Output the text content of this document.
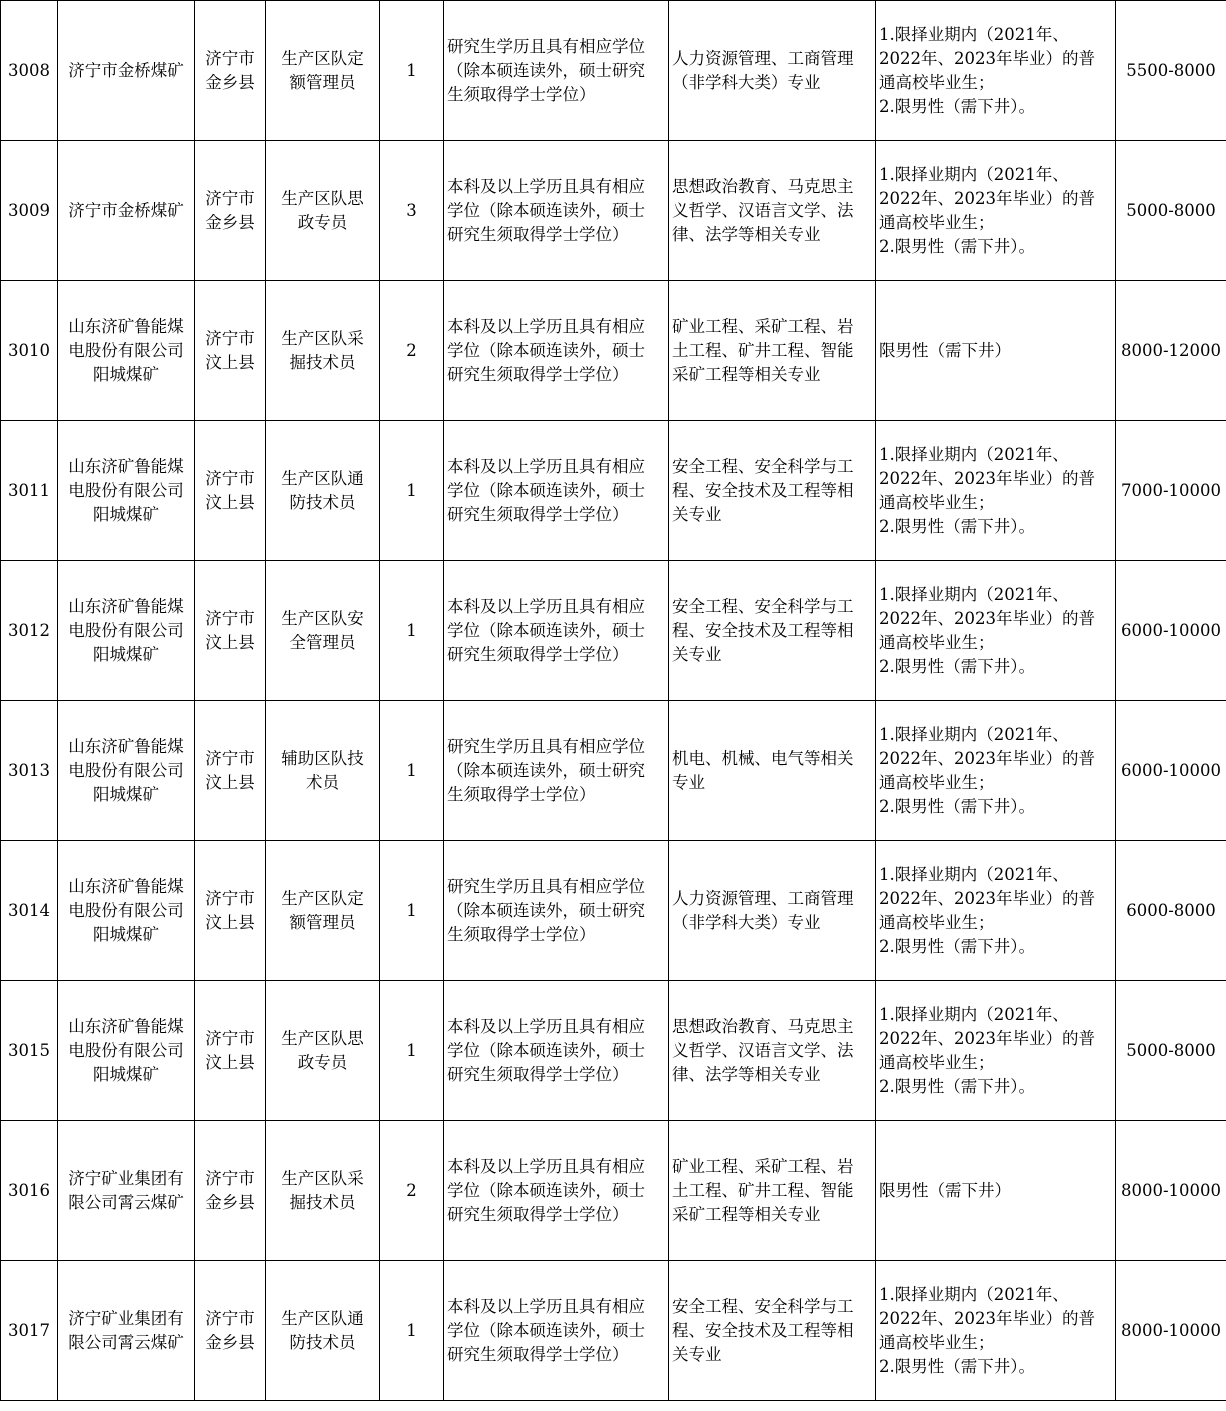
3008	济宁市金桥煤矿	济宁市
金乡县	生产区队定
额管理员	1	研究生学历且具有相应学位
（除本硕连读外，硕士研究
生须取得学士学位）	人力资源管理、工商管理
（非学科大类）专业	1.限择业期内（2021年、
2022年、2023年毕业）的普
通高校毕业生；
2.限男性（需下井）。	5500-8000
3009	济宁市金桥煤矿	济宁市
金乡县	生产区队思
政专员	3	本科及以上学历且具有相应
学位（除本硕连读外，硕士
研究生须取得学士学位）	思想政治教育、马克思主
义哲学、汉语言文学、法
律、法学等相关专业	1.限择业期内（2021年、
2022年、2023年毕业）的普
通高校毕业生；
2.限男性（需下井）。	5000-8000
3010	山东济矿鲁能煤
电股份有限公司
阳城煤矿	济宁市
汶上县	生产区队采
掘技术员	2	本科及以上学历且具有相应
学位（除本硕连读外，硕士
研究生须取得学士学位）	矿业工程、采矿工程、岩
土工程、矿井工程、智能
采矿工程等相关专业	限男性（需下井）	8000-12000
3011	山东济矿鲁能煤
电股份有限公司
阳城煤矿	济宁市
汶上县	生产区队通
防技术员	1	本科及以上学历且具有相应
学位（除本硕连读外，硕士
研究生须取得学士学位）	安全工程、安全科学与工
程、安全技术及工程等相
关专业	1.限择业期内（2021年、
2022年、2023年毕业）的普
通高校毕业生；
2.限男性（需下井）。	7000-10000
3012	山东济矿鲁能煤
电股份有限公司
阳城煤矿	济宁市
汶上县	生产区队安
全管理员	1	本科及以上学历且具有相应
学位（除本硕连读外，硕士
研究生须取得学士学位）	安全工程、安全科学与工
程、安全技术及工程等相
关专业	1.限择业期内（2021年、
2022年、2023年毕业）的普
通高校毕业生；
2.限男性（需下井）。	6000-10000
3013	山东济矿鲁能煤
电股份有限公司
阳城煤矿	济宁市
汶上县	辅助区队技
术员	1	研究生学历且具有相应学位
（除本硕连读外，硕士研究
生须取得学士学位）	机电、机械、电气等相关
专业	1.限择业期内（2021年、
2022年、2023年毕业）的普
通高校毕业生；
2.限男性（需下井）。	6000-10000
3014	山东济矿鲁能煤
电股份有限公司
阳城煤矿	济宁市
汶上县	生产区队定
额管理员	1	研究生学历且具有相应学位
（除本硕连读外，硕士研究
生须取得学士学位）	人力资源管理、工商管理
（非学科大类）专业	1.限择业期内（2021年、
2022年、2023年毕业）的普
通高校毕业生；
2.限男性（需下井）。	6000-8000
3015	山东济矿鲁能煤
电股份有限公司
阳城煤矿	济宁市
汶上县	生产区队思
政专员	1	本科及以上学历且具有相应
学位（除本硕连读外，硕士
研究生须取得学士学位）	思想政治教育、马克思主
义哲学、汉语言文学、法
律、法学等相关专业	1.限择业期内（2021年、
2022年、2023年毕业）的普
通高校毕业生；
2.限男性（需下井）。	5000-8000
3016	济宁矿业集团有
限公司霄云煤矿	济宁市
金乡县	生产区队采
掘技术员	2	本科及以上学历且具有相应
学位（除本硕连读外，硕士
研究生须取得学士学位）	矿业工程、采矿工程、岩
土工程、矿井工程、智能
采矿工程等相关专业	限男性（需下井）	8000-10000
3017	济宁矿业集团有
限公司霄云煤矿	济宁市
金乡县	生产区队通
防技术员	1	本科及以上学历且具有相应
学位（除本硕连读外，硕士
研究生须取得学士学位）	安全工程、安全科学与工
程、安全技术及工程等相
关专业	1.限择业期内（2021年、
2022年、2023年毕业）的普
通高校毕业生；
2.限男性（需下井）。	8000-10000
